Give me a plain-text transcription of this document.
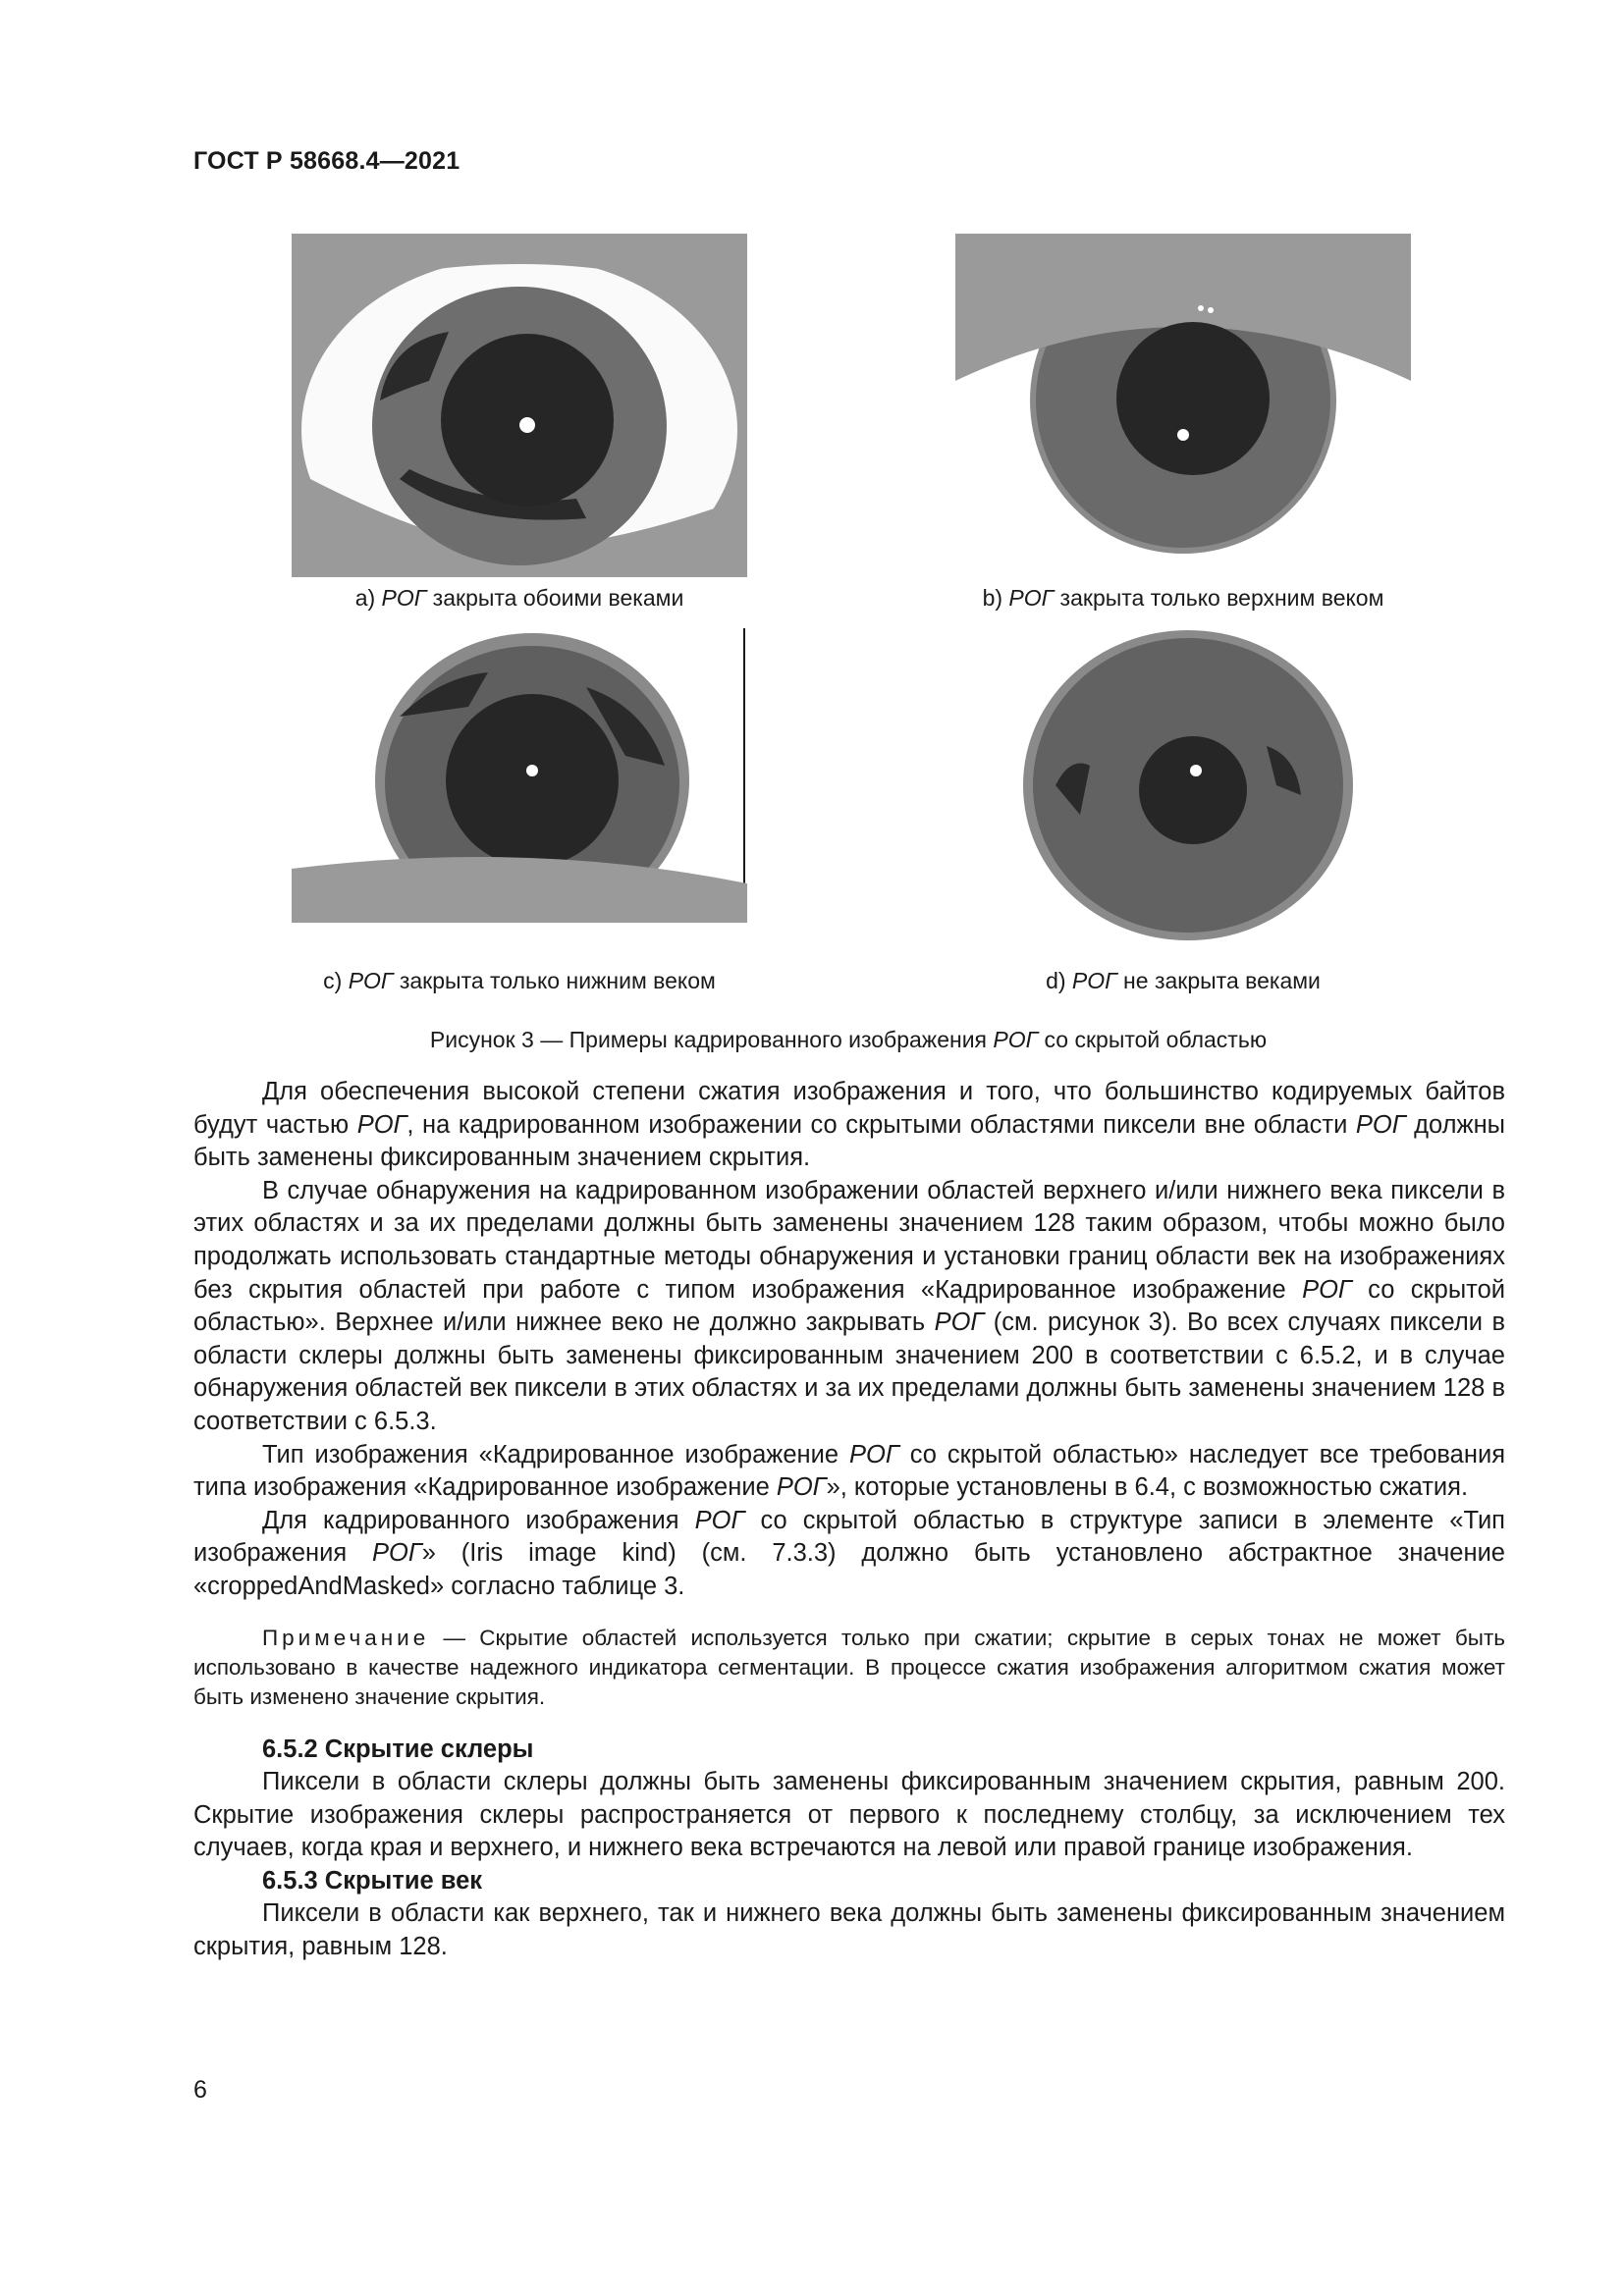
ГОСТ Р 58668.4—2021
a) РОГ закрыта обоими веками	b) РОГ закрыта только верхним веком
c) РОГ закрыта только нижним веком	d) РОГ не закрыта веками
Рисунок 3 — Примеры кадрированного изображения РОГ со скрытой областью

Для обеспечения высокой степени сжатия изображения и того, что большинство кодируемых байтов будут частью РОГ, на кадрированном изображении со скрытыми областями пиксели вне области РОГ должны быть заменены фиксированным значением скрытия.

В случае обнаружения на кадрированном изображении областей верхнего и/или нижнего века пиксели в этих областях и за их пределами должны быть заменены значением 128 таким образом, чтобы можно было продолжать использовать стандартные методы обнаружения и установки границ области век на изображениях без скрытия областей при работе с типом изображения «Кадрированное изображение РОГ со скрытой областью». Верхнее и/или нижнее веко не должно закрывать РОГ (см. рисунок 3). Во всех случаях пиксели в области склеры должны быть заменены фиксированным значением 200 в соответствии с 6.5.2, и в случае обнаружения областей век пиксели в этих областях и за их пределами должны быть заменены значением 128 в соответствии с 6.5.3.

Тип изображения «Кадрированное изображение РОГ со скрытой областью» наследует все требования типа изображения «Кадрированное изображение РОГ», которые установлены в 6.4, с возможностью сжатия.

Для кадрированного изображения РОГ со скрытой областью в структуре записи в элементе «Тип изображения РОГ» (Iris image kind) (см. 7.3.3) должно быть установлено абстрактное значение «croppedAndMasked» согласно таблице 3.

Примечание — Скрытие областей используется только при сжатии; скрытие в серых тонах не может быть использовано в качестве надежного индикатора сегментации. В процессе сжатия изображения алгоритмом сжатия может быть изменено значение скрытия.

6.5.2 Скрытие склеры

Пиксели в области склеры должны быть заменены фиксированным значением скрытия, равным 200. Скрытие изображения склеры распространяется от первого к последнему столбцу, за исключением тех случаев, когда края и верхнего, и нижнего века встречаются на левой или правой границе изображения.

6.5.3 Скрытие век

Пиксели в области как верхнего, так и нижнего века должны быть заменены фиксированным значением скрытия, равным 128.

6
